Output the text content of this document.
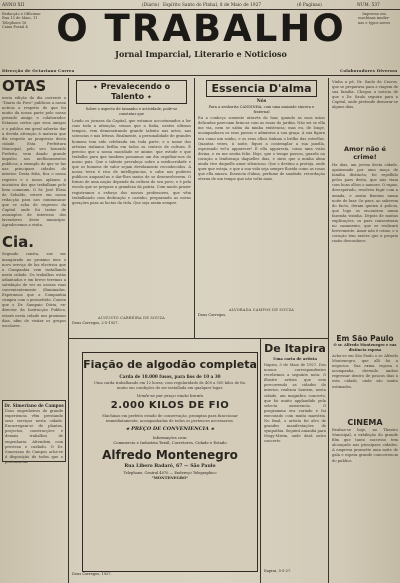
ANNO XII	(Diario) Espírito Santo do Pinhal, 8 de Maio de 1927	(6 Paginas)	NUM. 537
Redacção e Officinas:
Rua 15 de Maio, 11
Telephone 16
Caixa Postal 4
Impresso em
machinas moder-
nas e typos novos
O TRABALHO
Jornal Imparcial, Literario e Noticioso
Direcção de Octaviano Correa	Colaboradores Diversos
OTAS
nesta edição do dia corrente o "Diario do Povo" publicou a nossa noticia a respeito do que foi muito da nossa parte pelo nosso prezado amigo e colaborador. Estamos certos que seus amigos e o publico em geral saberão dar a devida attenção á materia que diz respeito ao progresso desta cidade. Esta Prefeitura Municipal, pelo seu honrado Prefeito, vem dando grande impulso aos melhoramentos publicos, a exemplo do que se faz nas principaes cidades do interior. Desta feita, fica o nosso registro e o nosso aplauso á iniciativa dos que trabalham pelo bem commum. O Sr. José Elisio de Sebaldo, esteve em nossa redacção para nos communicar que se acha de regresso da Capital onde foi tratar de assumptos de interesse dos lavradores deste municipio. Agradecemos a visita.
Cia.
Segundo consta, vae ser inaugurado no proximo mez o novo serviço de luz electrica que a Companhia vem installando nesta cidade. Os trabalhos estão adiantados e em breve teremos a satisfação de ver as nossas ruas convenientemente illuminadas. Esperamos que a Companhia cumpra com o promettido. Consta que o Dr. Sampaio Dória, ex-director da Instrucção Publica, estará nesta cidade nos proximos dias, afim de visitar os grupos escolares.
✦ Prevalecendo o Talento ✦
Sobre o aspecto de tamanho e actividade, pode-se constatar que
Lendo os jornaes da Capital, que estamos accostumados a ler com toda a attenção, vemos que a Italia, nestes ultimos tempos, vem demonstrando grande talento nas artes, nas sciencias e nas lettras. Realmente, a personalidade de grandes homens tem sido celebrada em toda parte, e o nome dos artistas italianos brilha em todos os centros de cultura. É preciso que a nossa mocidade se anime, que estude e que trabalhe para que tambem possamos um dia orgulhar-nos do nosso paiz. Que o talento prevaleça sobre a mediocridade e que os homens de valor sejam devidamente reconhecidos. A nossa terra é rica de intelligencias, e cabe aos poderes publicos amparal-as e dar-lhes meios de se desenvolverem. O futuro de uma nação depende da cultura do seu povo, e é pela escola que se prepara a grandeza da patria. Com muito prazer registramos o esforço dos nossos professores, que vêm trabalhando com dedicação e carinho, preparando as novas gerações para as luctas da vida. Que seja assim sempre.
AUGUSTO CARREIRA DE SOUZA
Dous Corregos, 2-5-1927.
Essencia D'alma
Nós
Para a senhorita CANDINHA, com uma amizade sincera e fraternal
Eu a conheço somente através do luar, quando as suas mãos delicadas pareciam brincar com as rosas do jardim. Não sei se ella me via, nem se sabia da minha existencia; mas eu, de longe, acompanhava os seus passos e admirava a sua graça. A sua figura era como um sonho, e os seus olhos tinham o brilho das estrellas. Quantas vezes, á noite, fiquei a contemplar a sua janella, esperando vel-a apparecer! E ella apparecia, como uma visão divina, e eu me sentia feliz. Hoje, que o tempo passou, guardo no coração a lembrança daquelles dias, e sinto que a minha alma ainda vive daquelle amor silencioso. Que o destino a proteja, onde quer que esteja, e que a sua vida seja sempre florida como as rosas que ella amava. Essencia d'alma, perfume de saudade, recordação eterna de um tempo que não volta mais.
ALVORADA CAMPOS DE SOUZA
Dous Corregos.
Vinha a pé, Dr. Saulo de Cravos, que se preparava para a viagem de sua familia. Chegou a noticia de que o Dr. Saulo seguira para a Capital, onde pretende demorar-se alguns dias.
Amor não é crime!
Ha dias, um jovem desta cidade, apaixonado por uma moça de familia distincta, foi repellido pelos paes desta, que não viam com bons olhos o namoro. O rapaz, desesperado, resolveu fugir com a amada, e assim fizeram numa noite de luar. Os paes, ao saberem do facto, deram queixa á policia, que logo os encontrou numa fazenda vizinha. Depois de muitas explicações, os paes consentiram no casamento, que se realizará brevemente. Amor não é crime, e o coração tem razões que a propria razão desconhece.
Em São Paulo
O sr. Alfredo Montenegro e sua distincta esposa
Acha-se em São Paulo o sr. Alfredo Montenegro, que alli foi a negocios. Sua exma. esposa o acompanha, devendo ambos regressar dentro de poucos dias a esta cidade, onde são muito estimados.
CINEMA
Realiza-se hoje, no Theatro Municipal, a exhibição do grande film que tanto successo tem alcançado nas principaes cidades. A empresa promette uma noite de gala e espera grande concorrencia do publico.
Fiação de algodão completa
Carda de 18.000 fusos, para fios de 10 a 30
Uma carda trabalhando em 12 horas, com regularidade de 400 a 500 kilos de fio, muito em condições de ser installada em qualquer logar.
Vende-se por preço muito barato
2.000 KILOS DE FIO
Machinas em perfeito estado de conservação, promptas para funccionar immediatamente, acompanhadas de todos os pertences necessarios.
★ PREÇO DE CONVENIENCIA ★
Informações com:
Commercio e Industria Textil, Corretores, Cidade e Estado
Alfredo Montenegro
Rua Libero Badaró, 67 — São Paulo
Telephone, Central 4070 — Endereço Telegraphico
"MONTENEGRO"
Dous Corregos, 1927.
De Itapira
Uma carta de artista
Itapira, 3 de Maio de 1927. Dos nossos correspondentes recebemos a seguinte nota: O illustre artista que vem percorrendo as cidades do interior, realizou hontem, nesta cidade, um magnifico concerto, que foi muito applaudido pela selecta assistencia. O programma era variado e foi executado com muita maestria. No final, o artista foi alvo de grandes manifestações de sympathia. Seguirá amanhã para Mogy-Mirim, onde dará outro concerto.
Itapira, 5-5-27.
Dr. Simeriano de Campos
Dous engenheiros de grande experiencia vêm prestando seus serviços nesta cidade. Encarregam-se de plantas, projectos, construcções e demais trabalhos de engenharia. Attendem com presteza e cuidado. O Dr. Simeriano de Campos acha-se á disposição de todos que o procurarem.
